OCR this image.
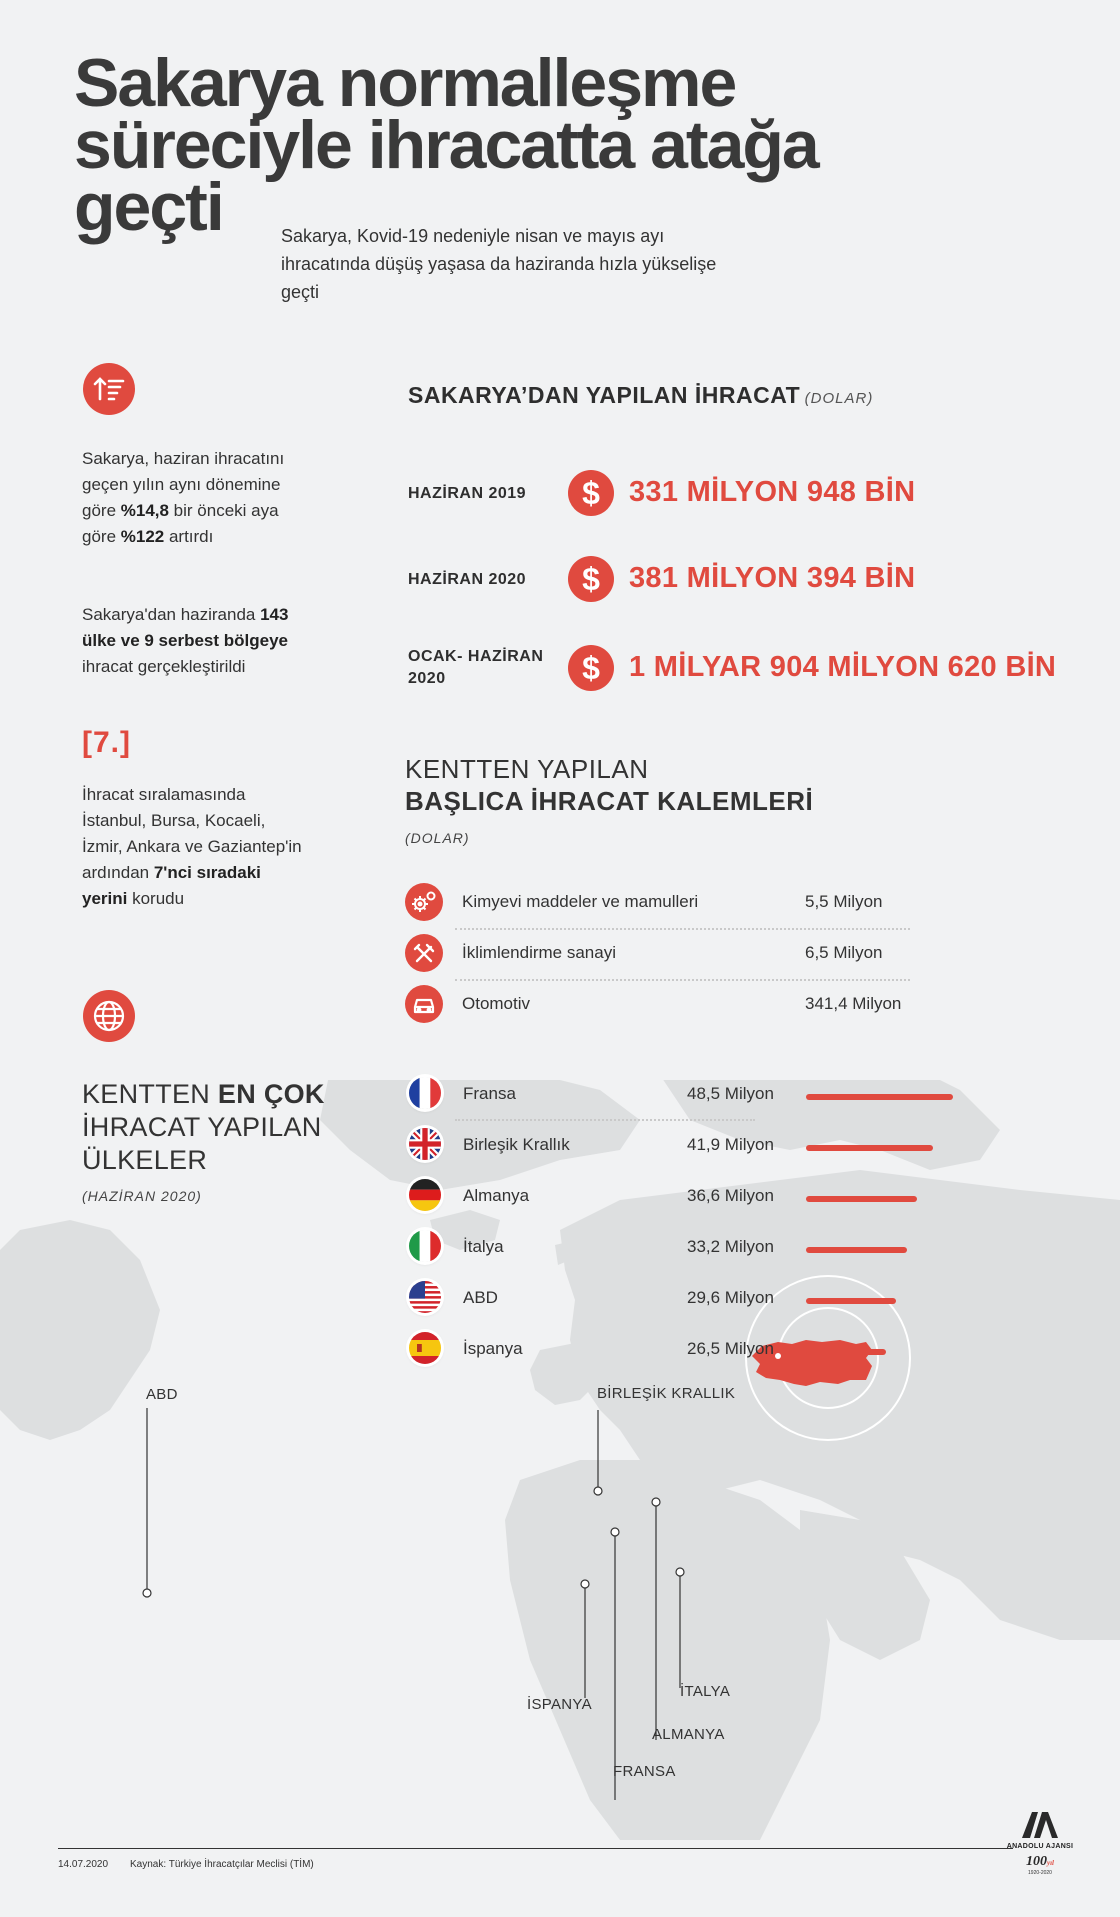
Sakarya normalleşme
süreciyle ihracatta atağa
geçti	Sakarya, Kovid-19 nedeniyle nisan ve mayıs ayı ihracatında düşüş yaşasa da haziranda hızla yükselişe geçti
Sakarya, haziran ihracatını geçen yılın aynı dönemine göre %14,8 bir önceki aya göre %122 artırdı
Sakarya'dan haziranda 143 ülke ve 9 serbest bölgeye ihracat gerçekleştirildi
[7.]
İhracat sıralamasında İstanbul, Bursa, Kocaeli, İzmir, Ankara ve Gaziantep'in ardından 7'nci sıradaki yerini korudu
KENTTEN EN ÇOK
İHRACAT YAPILAN
ÜLKELER
(HAZİRAN 2020)
SAKARYA’DAN YAPILAN İHRACAT (DOLAR)
HAZİRAN 2019	$	331 MİLYON 948 BİN
HAZİRAN 2020	$	381 MİLYON 394 BİN
OCAK- HAZİRAN 2020	$	1 MİLYAR 904 MİLYON 620 BİN
KENTTEN YAPILAN
BAŞLICA İHRACAT KALEMLERİ
(DOLAR)
Kimyevi maddeler ve mamulleri	5,5 Milyon
İklimlendirme sanayi	6,5 Milyon
Otomotiv	341,4 Milyon
Fransa	48,5 Milyon
Birleşik Krallık	41,9 Milyon
Almanya	36,6 Milyon
İtalya	33,2 Milyon
ABD	29,6 Milyon
İspanya	26,5 Milyon
ABD	BİRLEŞİK KRALLIK
İSPANYA
FRANSA
ALMANYA
İTALYA
14.07.2020 Kaynak: Türkiye İhracatçılar Meclisi (TİM)
ANADOLU AJANSI
100yıl
1920-2020
